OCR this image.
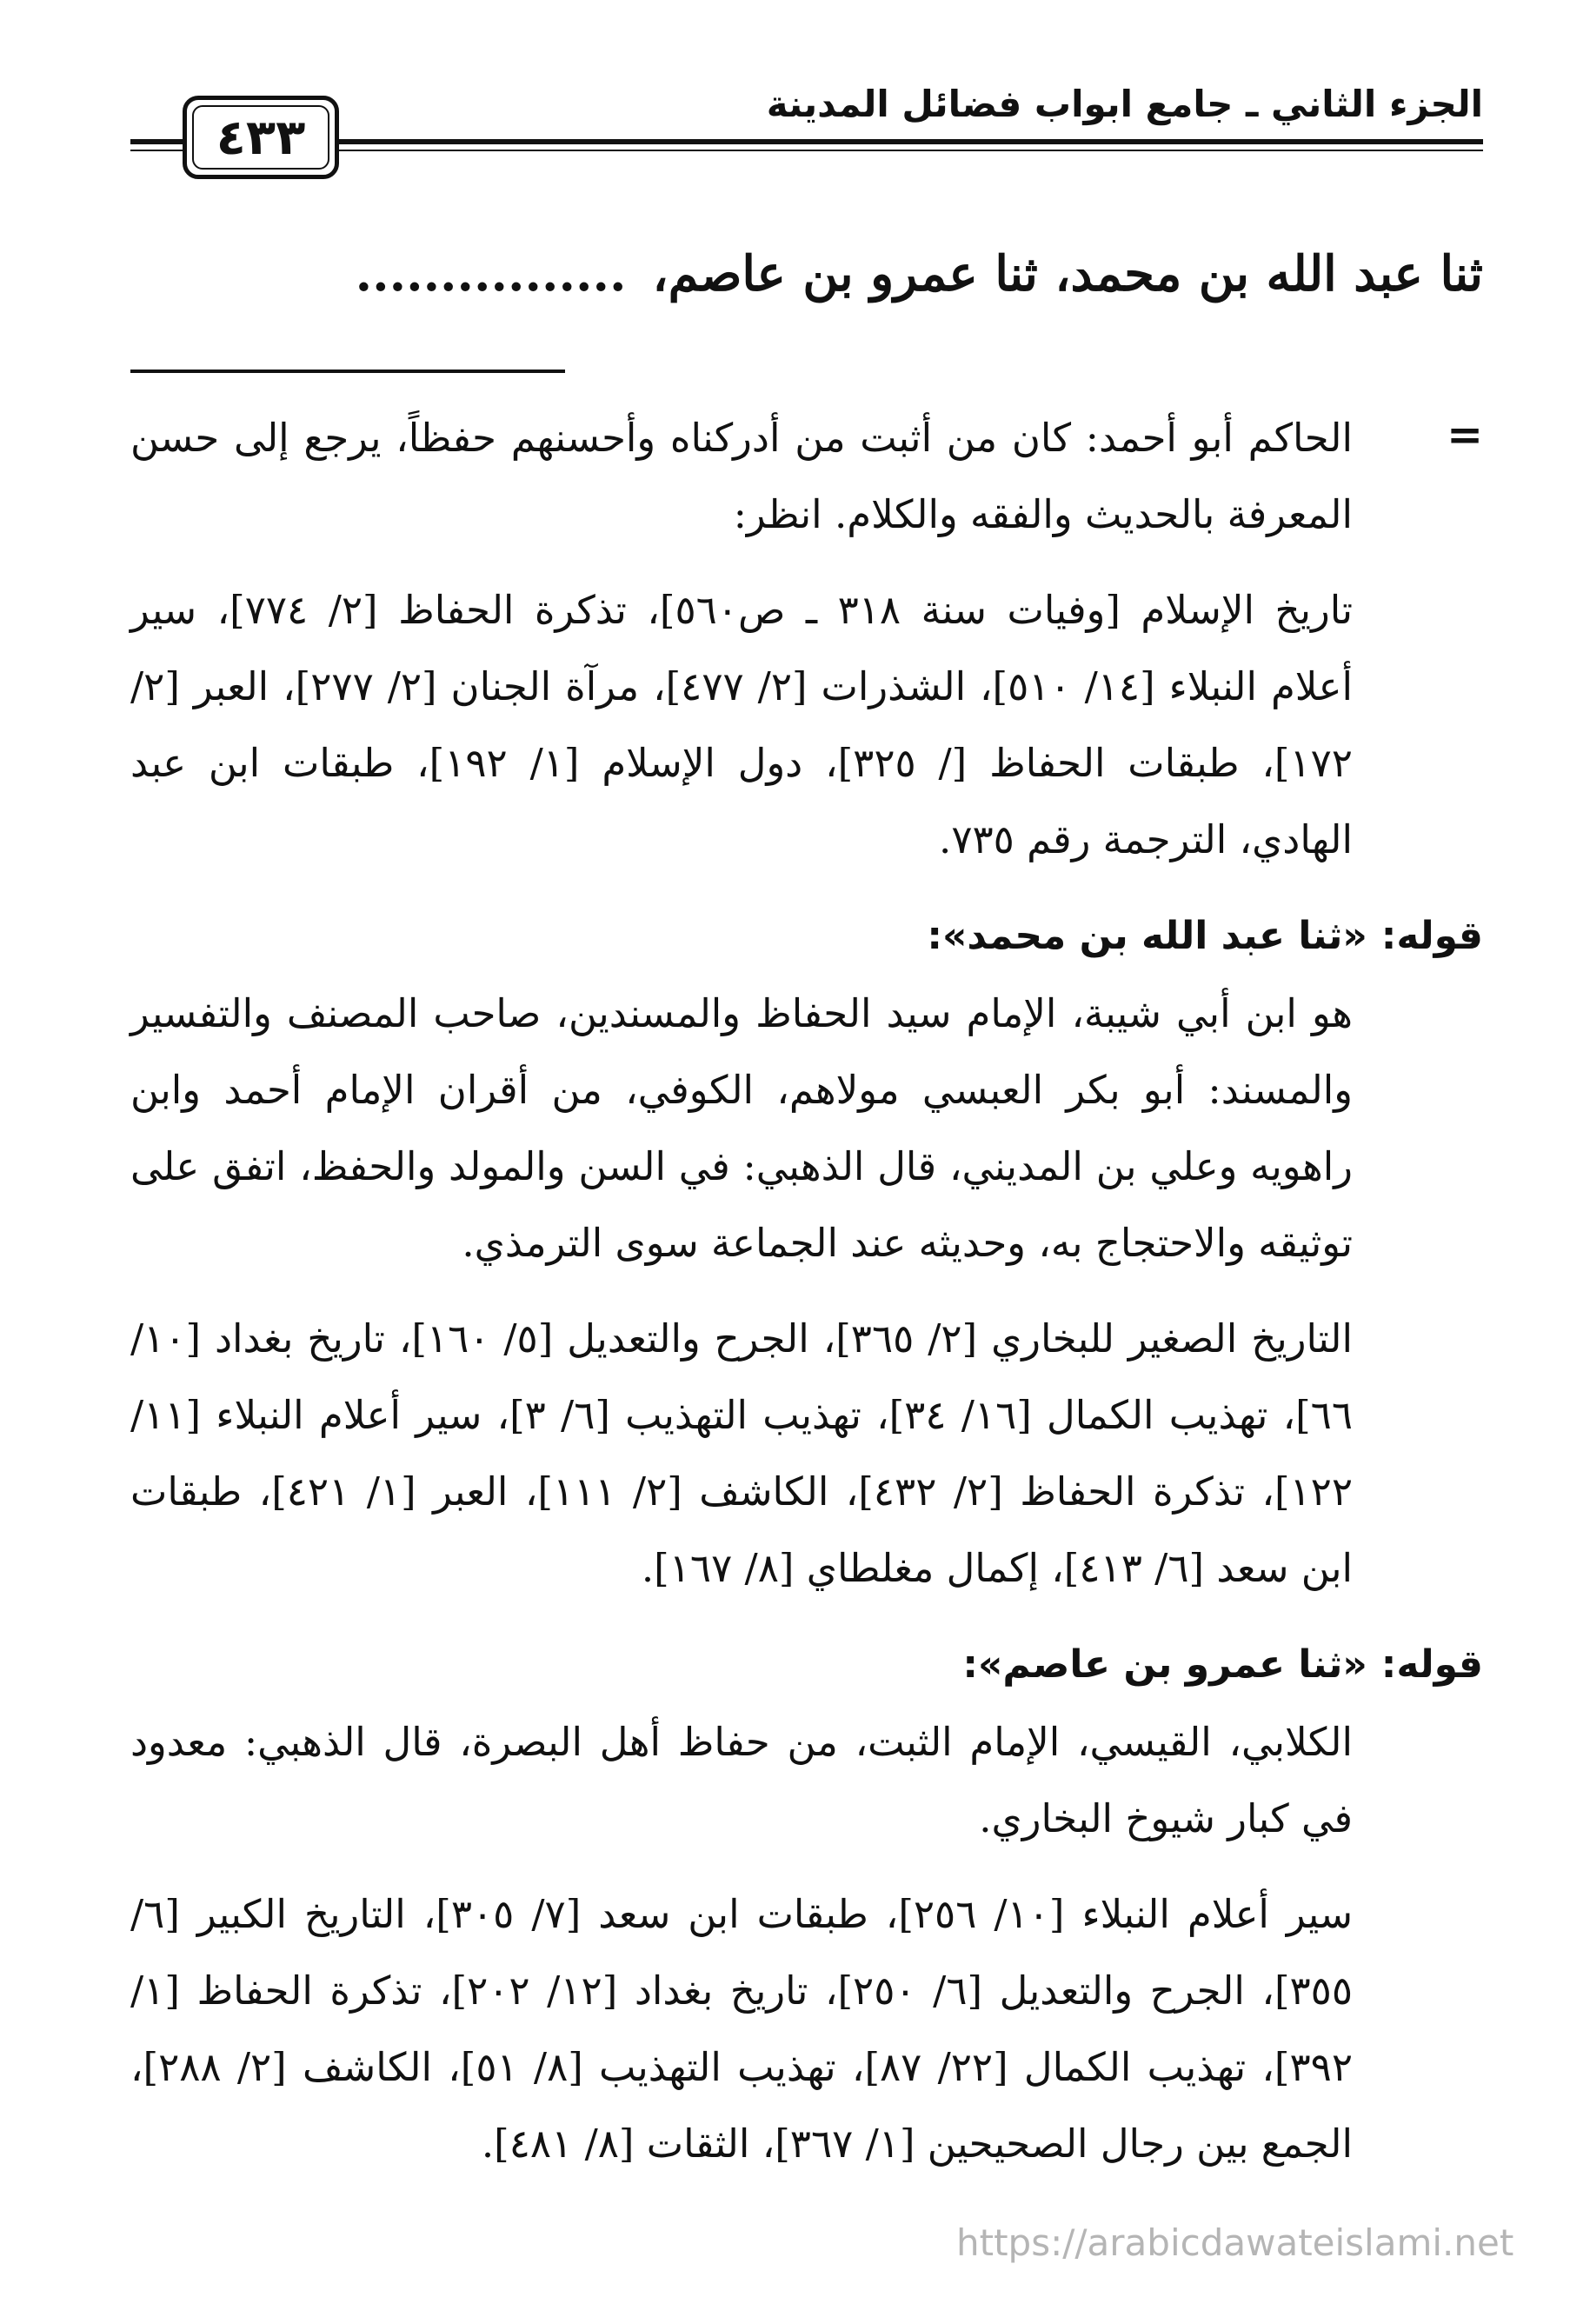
الجزء الثاني ـ جامع ابواب فضائل المدينة
٤٣٣
ثنا عبد الله بن محمد، ثنا عمرو بن عاصم،................
=

الحاكم أبو أحمد: كان من أثبت من أدركناه وأحسنهم حفظاً، يرجع إلى حسن المعرفة بالحديث والفقه والكلام. انظر:

تاريخ الإسلام [وفيات سنة ٣١٨ ـ ص٥٦٠]، تذكرة الحفاظ [٢/ ٧٧٤]، سير أعلام النبلاء [١٤/ ٥١٠]، الشذرات [٢/ ٤٧٧]، مرآة الجنان [٢/ ٢٧٧]، العبر [٢/ ١٧٢]، طبقات الحفاظ [/ ٣٢٥]، دول الإسلام [١/ ١٩٢]، طبقات ابن عبد الهادي، الترجمة رقم ٧٣٥.

قوله:«ثنا عبد الله بن محمد»:

هو ابن أبي شيبة، الإمام سيد الحفاظ والمسندين، صاحب المصنف والتفسير والمسند: أبو بكر العبسي مولاهم، الكوفي، من أقران الإمام أحمد وابن راهويه وعلي بن المديني، قال الذهبي: في السن والمولد والحفظ، اتفق على توثيقه والاحتجاج به، وحديثه عند الجماعة سوى الترمذي.

التاريخ الصغير للبخاري [٢/ ٣٦٥]، الجرح والتعديل [٥/ ١٦٠]، تاريخ بغداد [١٠/ ٦٦]، تهذيب الكمال [١٦/ ٣٤]، تهذيب التهذيب [٦/ ٣]، سير أعلام النبلاء [١١/ ١٢٢]، تذكرة الحفاظ [٢/ ٤٣٢]، الكاشف [٢/ ١١١]، العبر [١/ ٤٢١]، طبقات ابن سعد [٦/ ٤١٣]، إكمال مغلطاي [٨/ ١٦٧].

قوله:«ثنا عمرو بن عاصم»:

الكلابي، القيسي، الإمام الثبت، من حفاظ أهل البصرة، قال الذهبي: معدود في كبار شيوخ البخاري.

سير أعلام النبلاء [١٠/ ٢٥٦]، طبقات ابن سعد [٧/ ٣٠٥]، التاريخ الكبير [٦/ ٣٥٥]، الجرح والتعديل [٦/ ٢٥٠]، تاريخ بغداد [١٢/ ٢٠٢]، تذكرة الحفاظ [١/ ٣٩٢]، تهذيب الكمال [٢٢/ ٨٧]، تهذيب التهذيب [٨/ ٥١]، الكاشف [٢/ ٢٨٨]، الجمع بين رجال الصحيحين [١/ ٣٦٧]، الثقات [٨/ ٤٨١].

https://arabicdawateislami.net
